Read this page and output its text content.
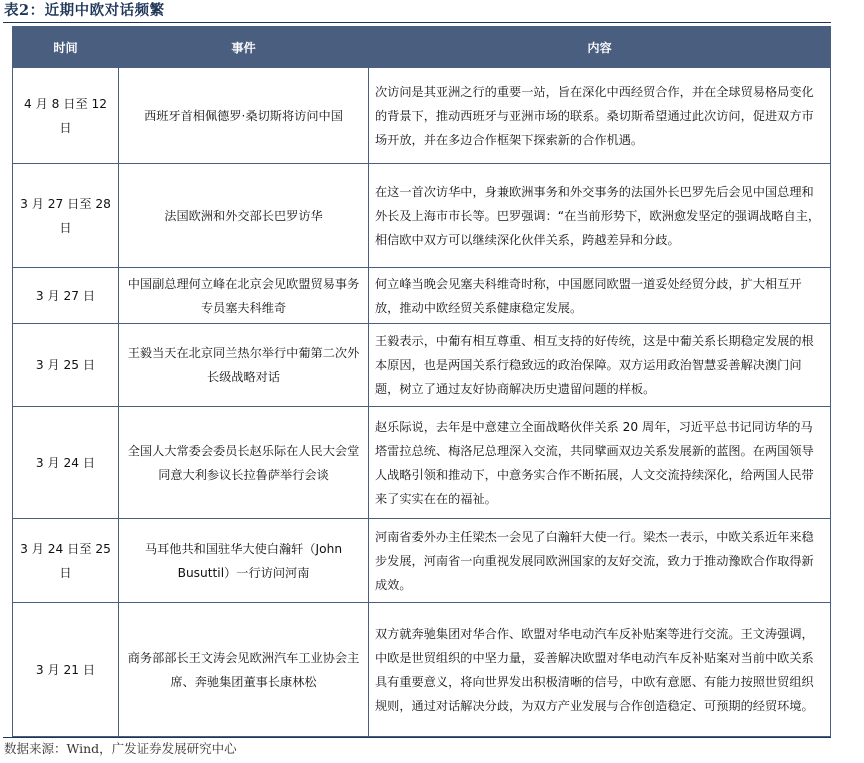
表2：近期中欧对话频繁
时间	事件	内容
4 月 8 日至 12 日	西班牙首相佩德罗·桑切斯将访问中国	次访问是其亚洲之行的重要一站，旨在深化中西经贸合作，并在全球贸易格局变化的背景下，推动西班牙与亚洲市场的联系。桑切斯希望通过此次访问，促进双方市场开放，并在多边合作框架下探索新的合作机遇。
3 月 27 日至 28 日	法国欧洲和外交部长巴罗访华	在这一首次访华中，身兼欧洲事务和外交事务的法国外长巴罗先后会见中国总理和外长及上海市市长等。巴罗强调：“在当前形势下，欧洲愈发坚定的强调战略自主，相信欧中双方可以继续深化伙伴关系，跨越差异和分歧。
3 月 27 日	中国副总理何立峰在北京会见欧盟贸易事务专员塞夫科维奇	何立峰当晚会见塞夫科维奇时称，中国愿同欧盟一道妥处经贸分歧，扩大相互开放，推动中欧经贸关系健康稳定发展。
3 月 25 日	王毅当天在北京同兰热尔举行中葡第二次外长级战略对话	王毅表示，中葡有相互尊重、相互支持的好传统，这是中葡关系长期稳定发展的根本原因，也是两国关系行稳致远的政治保障。双方运用政治智慧妥善解决澳门问题，树立了通过友好协商解决历史遗留问题的样板。
3 月 24 日	全国人大常委会委员长赵乐际在人民大会堂同意大利参议长拉鲁萨举行会谈	赵乐际说，去年是中意建立全面战略伙伴关系 20 周年，习近平总书记同访华的马塔雷拉总统、梅洛尼总理深入交流，共同擘画双边关系发展新的蓝图。在两国领导人战略引领和推动下，中意务实合作不断拓展，人文交流持续深化，给两国人民带来了实实在在的福祉。
3 月 24 日至 25 日	马耳他共和国驻华大使白瀚轩（John Busuttil）一行访问河南	河南省委外办主任梁杰一会见了白瀚轩大使一行。梁杰一表示，中欧关系近年来稳步发展，河南省一向重视发展同欧洲国家的友好交流，致力于推动豫欧合作取得新成效。
3 月 21 日	商务部部长王文涛会见欧洲汽车工业协会主席、奔驰集团董事长康林松	双方就奔驰集团对华合作、欧盟对华电动汽车反补贴案等进行交流。王文涛强调，中欧是世贸组织的中坚力量，妥善解决欧盟对华电动汽车反补贴案对当前中欧关系具有重要意义，将向世界发出积极清晰的信号，中欧有意愿、有能力按照世贸组织规则，通过对话解决分歧，为双方产业发展与合作创造稳定、可预期的经贸环境。
数据来源：Wind，广发证券发展研究中心
